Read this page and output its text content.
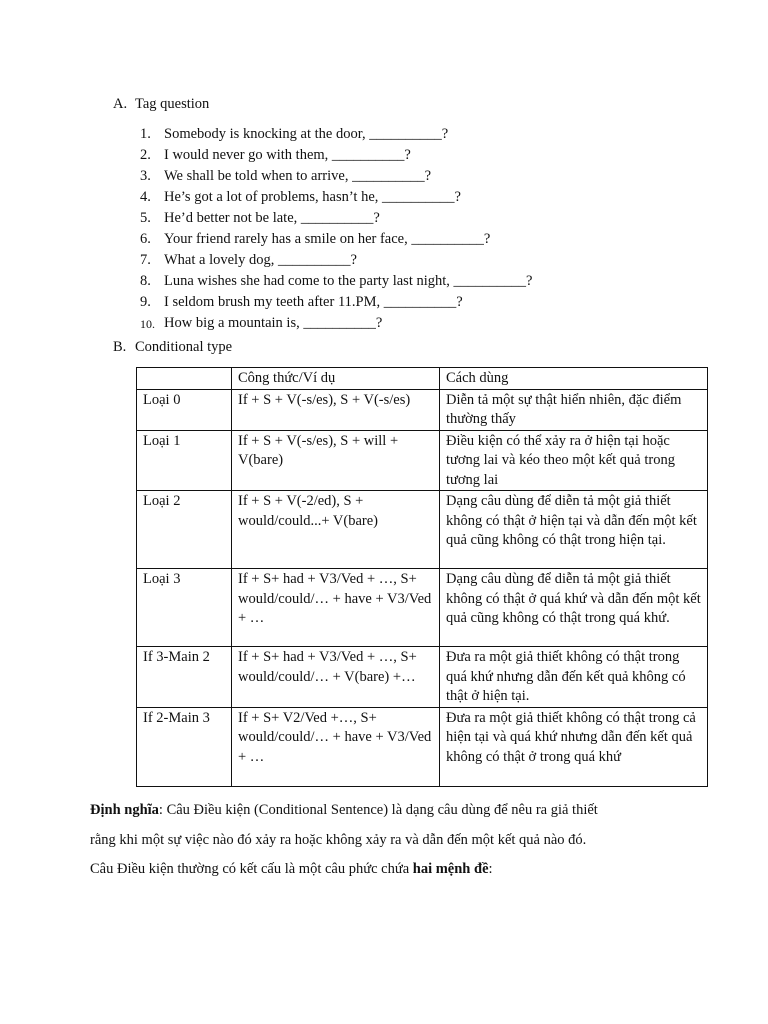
A. Tag question
1. Somebody is knocking at the door, __________?
2. I would never go with them, __________?
3. We shall be told when to arrive, __________?
4. He’s got a lot of problems, hasn’t he, __________?
5. He’d better not be late, __________?
6. Your friend rarely has a smile on her face, __________?
7. What a lovely dog, __________?
8. Luna wishes she had come to the party last night, __________?
9. I seldom brush my teeth after 11.PM, __________?
10. How big a mountain is, __________?
B. Conditional type
	Công thức/Ví dụ	Cách dùng
Loại 0	If + S + V(-s/es), S + V(-s/es)	Diễn tả một sự thật hiển nhiên, đặc điểm thường thấy
Loại 1	If + S + V(-s/es), S + will + V(bare)	Điều kiện có thể xảy ra ở hiện tại hoặc tương lai và kéo theo một kết quả trong tương lai
Loại 2	If + S + V(-2/ed), S + would/could...+ V(bare)	Dạng câu dùng để diễn tả một giả thiết không có thật ở hiện tại và dẫn đến một kết quả cũng không có thật trong hiện tại.
Loại 3	If + S+ had + V3/Ved + …, S+ would/could/… + have + V3/Ved + …	Dạng câu dùng để diễn tả một giả thiết không có thật ở quá khứ và dẫn đến một kết quả cũng không có thật trong quá khứ.
If 3-Main 2	If + S+ had + V3/Ved + …, S+ would/could/… + V(bare) +…	Đưa ra một giả thiết không có thật trong quá khứ nhưng dẫn đến kết quả không có thật ở hiện tại.
If 2-Main 3	If + S+ V2/Ved +…, S+ would/could/… + have + V3/Ved + …	Đưa ra một giả thiết không có thật trong cả hiện tại và quá khứ nhưng dẫn đến kết quả không có thật ở trong quá khứ
Định nghĩa: Câu Điều kiện (Conditional Sentence) là dạng câu dùng để nêu ra giả thiết
rằng khi một sự việc nào đó xảy ra hoặc không xảy ra và dẫn đến một kết quả nào đó.
Câu Điều kiện thường có kết cấu là một câu phức chứa hai mệnh đề:
